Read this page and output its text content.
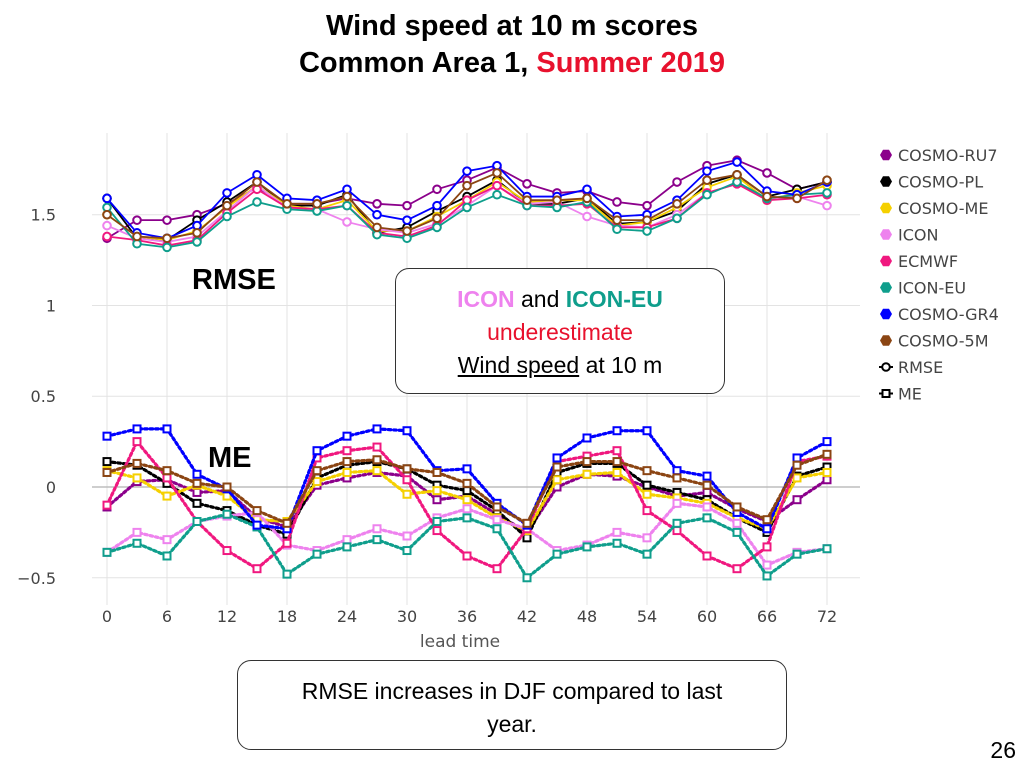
0	6	12 18 24 30 36 42 48 54 60 66 72
−0.5
0
0.5
1
1.5
lead time
COSMO-RU7
COSMO-PL
COSMO-ME
ICON
ECMWF
ICON-EU
COSMO-GR4
COSMO-5M
RMSE
ME
Wind speed at 10 m scores
Common Area 1, Summer 2019
RMSE
ME
ICON and ICON-EU
underestimate
Wind speed at 10 m
RMSE increases in DJF compared to last year.
26
